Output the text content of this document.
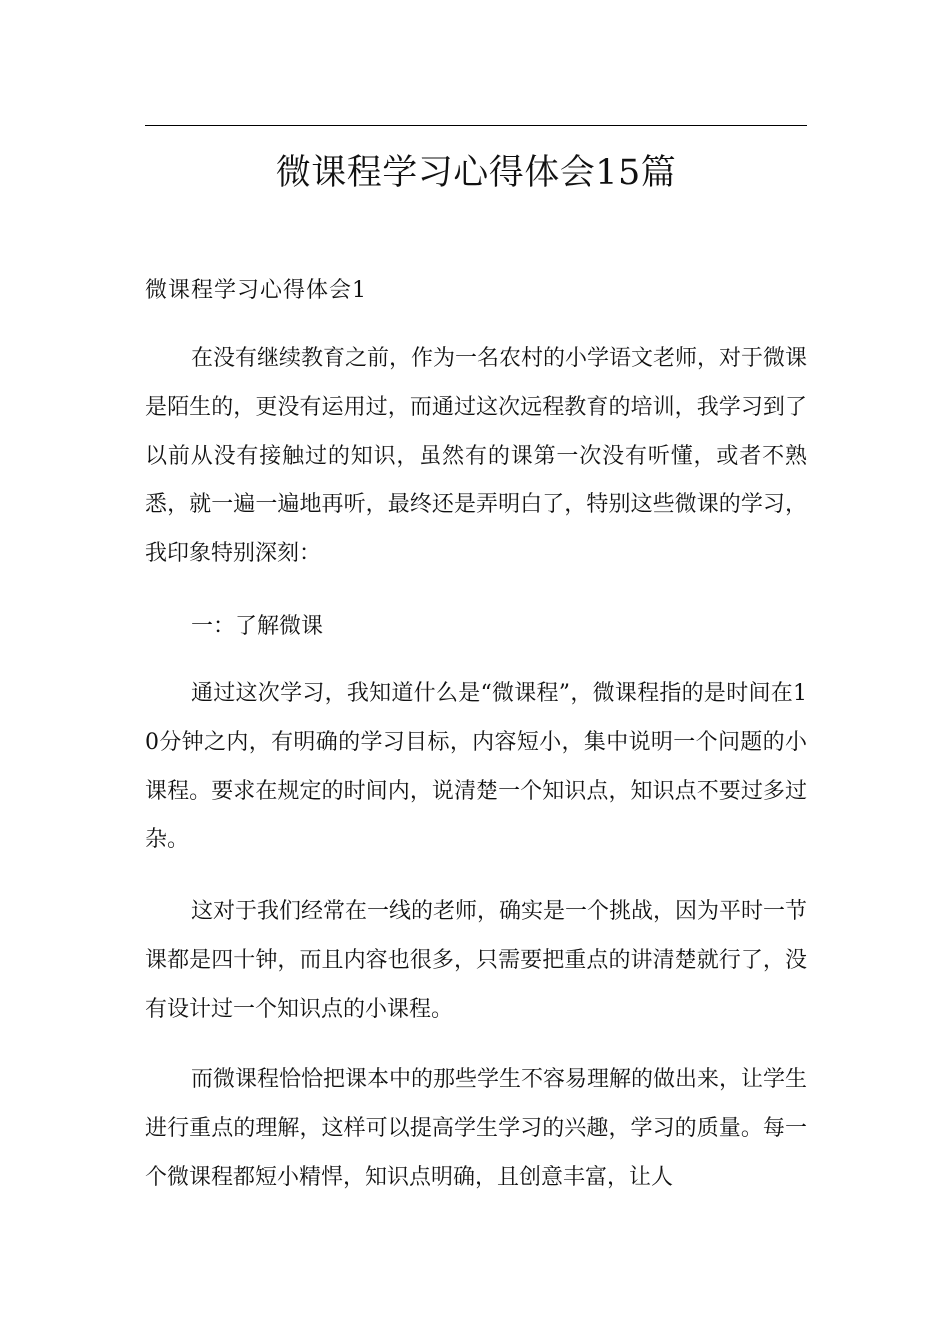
微课程学习心得体会15篇
微课程学习心得体会1

在没有继续教育之前，作为一名农村的小学语文老师，对于微课是陌生的，更没有运用过，而通过这次远程教育的培训，我学习到了以前从没有接触过的知识，虽然有的课第一次没有听懂，或者不熟悉，就一遍一遍地再听，最终还是弄明白了，特别这些微课的学习，我印象特别深刻：

一：了解微课

通过这次学习，我知道什么是“微课程”，微课程指的是时间在10分钟之内，有明确的学习目标，内容短小，集中说明一个问题的小课程。要求在规定的时间内，说清楚一个知识点，知识点不要过多过杂。

这对于我们经常在一线的老师，确实是一个挑战，因为平时一节课都是四十钟，而且内容也很多，只需要把重点的讲清楚就行了，没有设计过一个知识点的小课程。

而微课程恰恰把课本中的那些学生不容易理解的做出来，让学生进行重点的理解，这样可以提高学生学习的兴趣，学习的质量。每一个微课程都短小精悍，知识点明确，且创意丰富，让人
